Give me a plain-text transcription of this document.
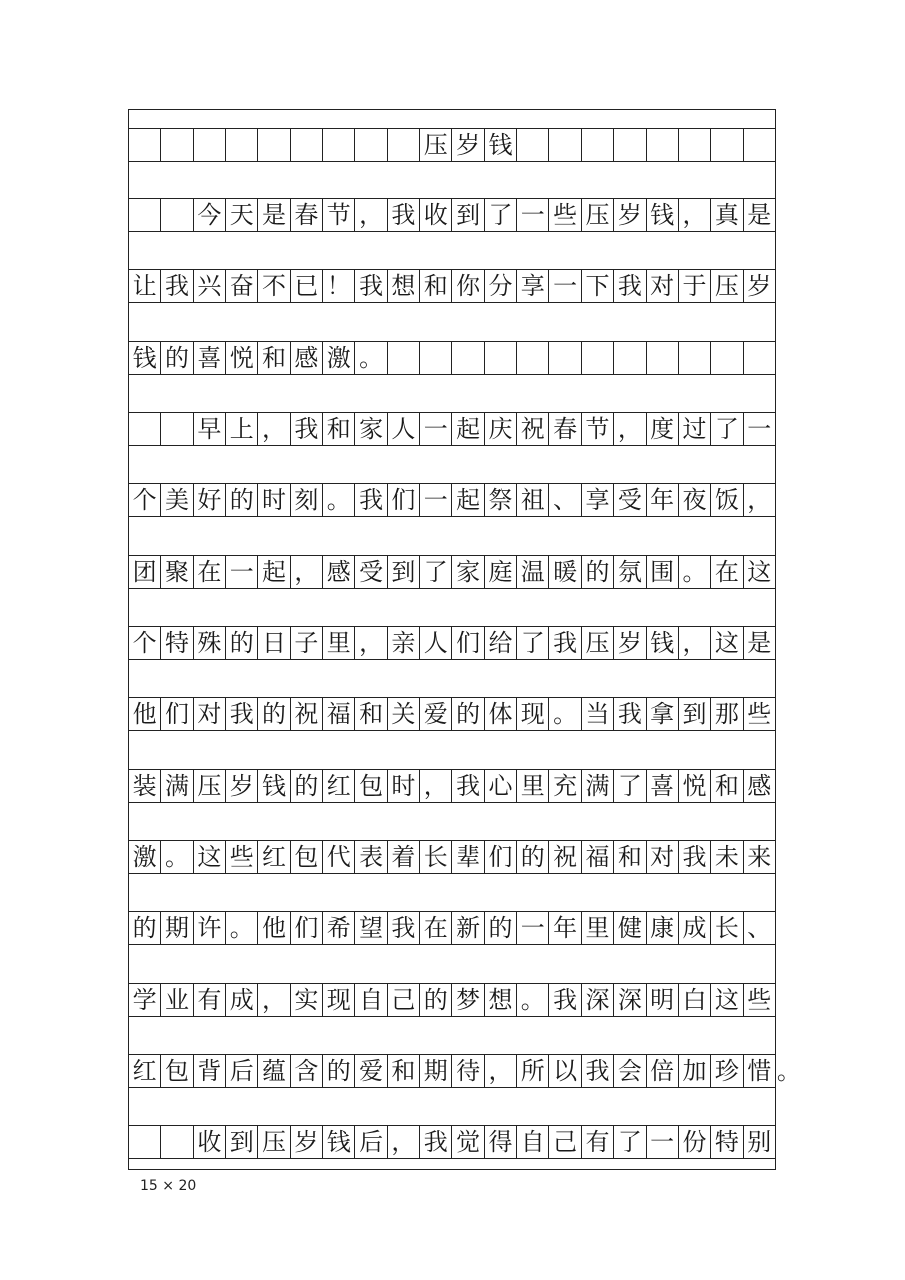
压 岁 钱
今 天 是 春 节 ， 我 收 到 了 一 些 压 岁 钱 ， 真 是
让 我 兴 奋 不 已 ！ 我 想 和 你 分 享 一 下 我 对 于 压 岁
钱 的 喜 悦 和 感 激 。
早 上 ， 我 和 家 人 一 起 庆 祝 春 节 ， 度 过 了 一
个 美 好 的 时 刻 。 我 们 一 起 祭 祖 、 享 受 年 夜 饭 ，
团 聚 在 一 起 ， 感 受 到 了 家 庭 温 暖 的 氛 围 。 在 这
个 特 殊 的 日 子 里 ， 亲 人 们 给 了 我 压 岁 钱 ， 这 是
他 们 对 我 的 祝 福 和 关 爱 的 体 现 。 当 我 拿 到 那 些
装 满 压 岁 钱 的 红 包 时 ， 我 心 里 充 满 了 喜 悦 和 感
激 。 这 些 红 包 代 表 着 长 辈 们 的 祝 福 和 对 我 未 来
的 期 许 。 他 们 希 望 我 在 新 的 一 年 里 健 康 成 长 、
学 业 有 成 ， 实 现 自 己 的 梦 想 。 我 深 深 明 白 这 些
红 包 背 后 蕴 含 的 爱 和 期 待 ， 所 以 我 会 倍 加 珍 惜 。
收 到 压 岁 钱 后 ， 我 觉 得 自 己 有 了 一 份 特 别
15 × 20
